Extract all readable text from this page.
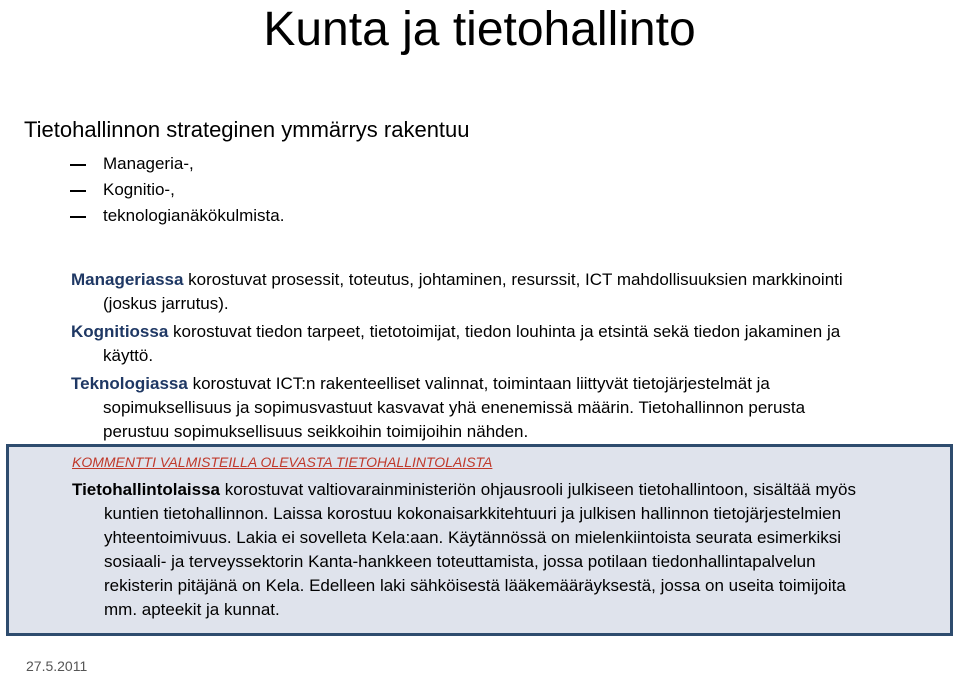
Kunta ja tietohallinto
Tietohallinnon strateginen ymmärrys rakentuu
Manageria-,
Kognitio-,
teknologianäkökulmista.
Manageriassa korostuvat prosessit, toteutus, johtaminen, resurssit, ICT mahdollisuuksien markkinointi
(joskus jarrutus).
Kognitiossa korostuvat tiedon tarpeet, tietotoimijat, tiedon louhinta ja etsintä sekä tiedon jakaminen ja
käyttö.
Teknologiassa korostuvat ICT:n rakenteelliset valinnat, toimintaan liittyvät tietojärjestelmät ja
sopimuksellisuus ja sopimusvastuut kasvavat yhä enenemissä määrin. Tietohallinnon perusta
perustuu sopimuksellisuus seikkoihin toimijoihin nähden.
KOMMENTTI VALMISTEILLA OLEVASTA TIETOHALLINTOLAISTA
Tietohallintolaissa korostuvat valtiovarainministeriön ohjausrooli julkiseen tietohallintoon, sisältää myös
kuntien tietohallinnon. Laissa korostuu kokonaisarkkitehtuuri ja julkisen hallinnon tietojärjestelmien
yhteentoimivuus. Lakia ei sovelleta Kela:aan. Käytännössä on mielenkiintoista seurata esimerkiksi
sosiaali- ja terveyssektorin Kanta-hankkeen toteuttamista, jossa potilaan tiedonhallintapalvelun
rekisterin pitäjänä on Kela. Edelleen laki sähköisestä lääkemääräyksestä, jossa on useita toimijoita
mm. apteekit ja kunnat.
27.5.2011
